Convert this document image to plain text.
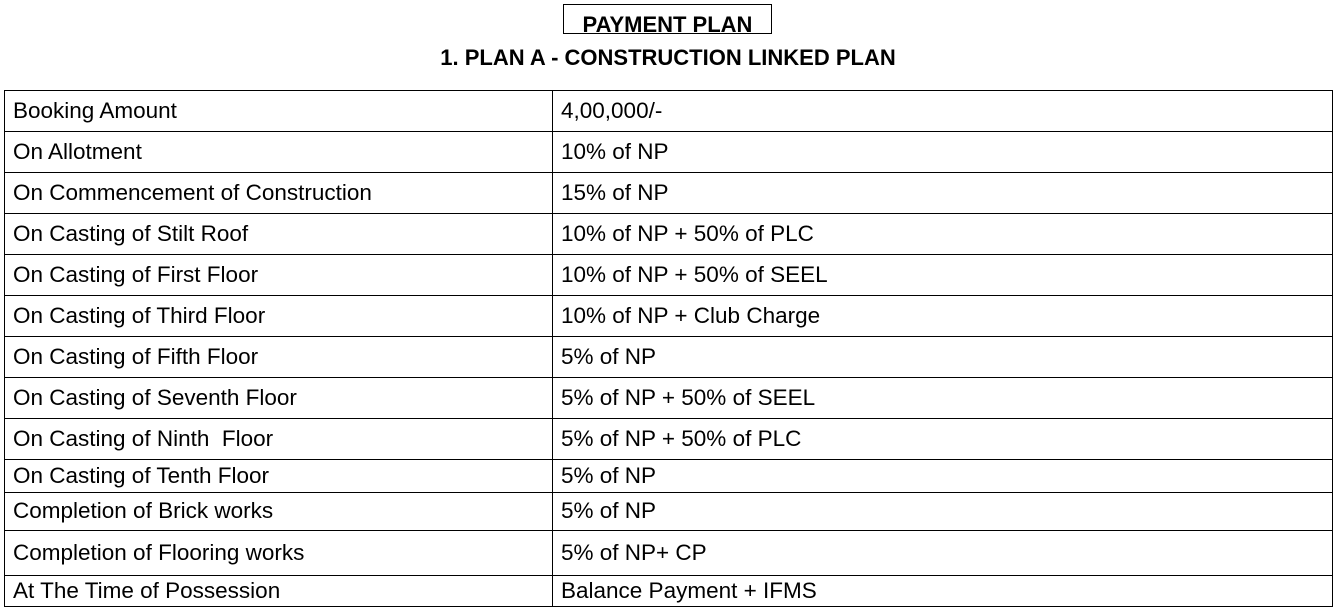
PAYMENT PLAN
1. PLAN A - CONSTRUCTION LINKED PLAN
Booking Amount	4,00,000/-
On Allotment	10% of NP
On Commencement of Construction	15% of NP
On Casting of Stilt Roof	10% of NP + 50% of PLC
On Casting of First Floor	10% of NP + 50% of SEEL
On Casting of Third Floor	10% of NP + Club Charge
On Casting of Fifth Floor	5% of NP
On Casting of Seventh Floor	5% of NP + 50% of SEEL
On Casting of Ninth  Floor	5% of NP + 50% of PLC
On Casting of Tenth Floor	5% of NP
Completion of Brick works	5% of NP
Completion of Flooring works	5% of NP+ CP
At The Time of Possession	Balance Payment + IFMS
